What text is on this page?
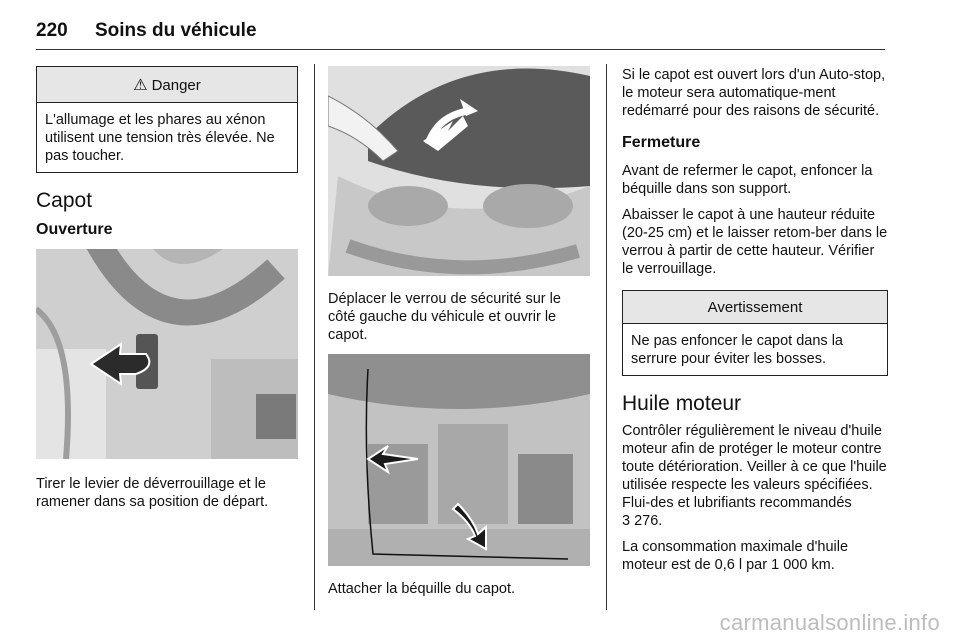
220 Soins du véhicule
⚠ Danger
L'allumage et les phares au xénon utilisent une tension très élevée. Ne pas toucher.
Capot
Ouverture
Tirer le levier de déverrouillage et le ramener dans sa position de départ.
Déplacer le verrou de sécurité sur le côté gauche du véhicule et ouvrir le capot.
Attacher la béquille du capot.
Si le capot est ouvert lors d'un Auto-stop, le moteur sera automatique-ment redémarré pour des raisons de sécurité.
Fermeture
Avant de refermer le capot, enfoncer la béquille dans son support.
Abaisser le capot à une hauteur réduite (20-25 cm) et le laisser retom-ber dans le verrou à partir de cette hauteur. Vérifier le verrouillage.
Avertissement
Ne pas enfoncer le capot dans la serrure pour éviter les bosses.
Huile moteur
Contrôler régulièrement le niveau d'huile moteur afin de protéger le moteur contre toute détérioration. Veiller à ce que l'huile utilisée respecte les valeurs spécifiées. Flui-des et lubrifiants recommandés
3 276.
La consommation maximale d'huile moteur est de 0,6 l par 1 000 km.
carmanualsonline.info
